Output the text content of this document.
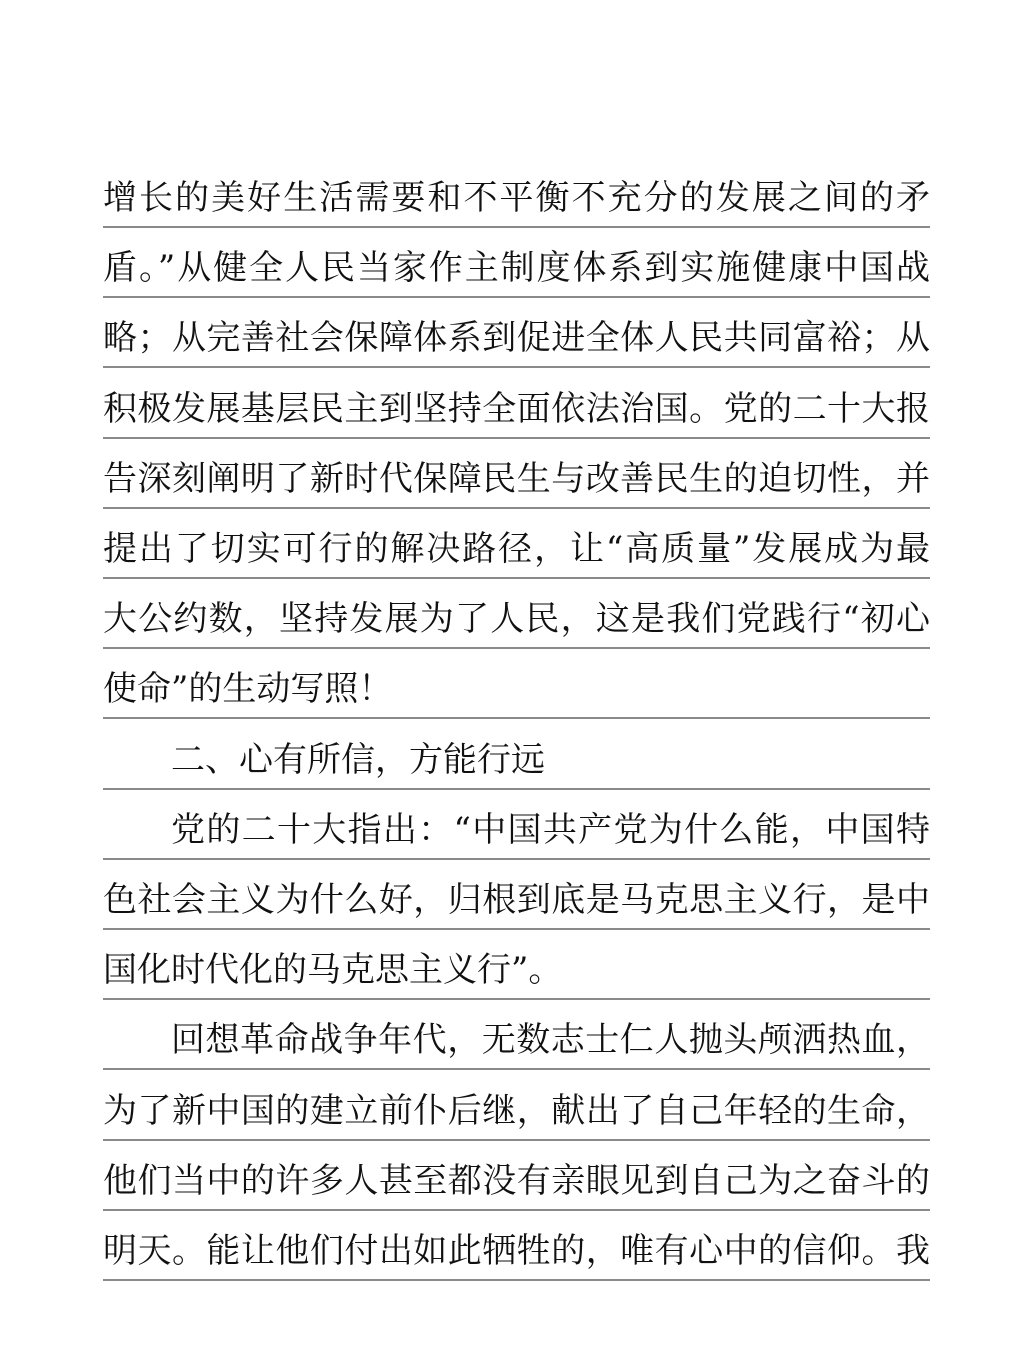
增长的美好生活需要和不平衡不充分的发展之间的矛
盾。”从健全人民当家作主制度体系到实施健康中国战
略；从完善社会保障体系到促进全体人民共同富裕；从
积极发展基层民主到坚持全面依法治国。党的二十大报
告深刻阐明了新时代保障民生与改善民生的迫切性，并
提出了切实可行的解决路径，让“高质量”发展成为最
大公约数，坚持发展为了人民，这是我们党践行“初心
使命”的生动写照！
二、心有所信，方能行远
党的二十大指出：“中国共产党为什么能，中国特
色社会主义为什么好，归根到底是马克思主义行，是中
国化时代化的马克思主义行”。
回想革命战争年代，无数志士仁人抛头颅洒热血，
为了新中国的建立前仆后继，献出了自己年轻的生命，
他们当中的许多人甚至都没有亲眼见到自己为之奋斗的
明天。能让他们付出如此牺牲的，唯有心中的信仰。我
